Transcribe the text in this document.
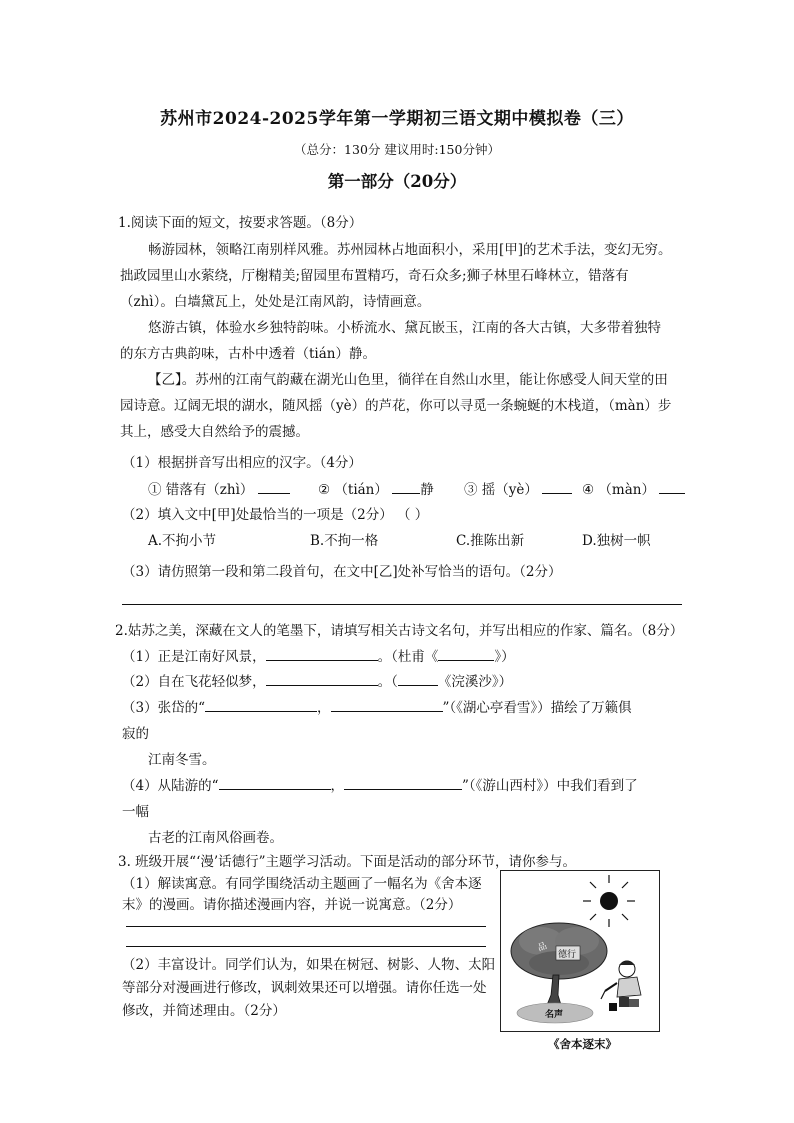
苏州市2024-2025学年第一学期初三语文期中模拟卷（三）
（总分：130分 建议用时:150分钟）
第一部分（20分）
1.阅读下面的短文，按要求答题。（8分）
畅游园林，领略江南别样风雅。苏州园林占地面积小，采用[甲]的艺术手法，变幻无穷。
拙政园里山水萦绕，厅榭精美;留园里布置精巧，奇石众多;狮子林里石峰林立，错落有
（zhì）。白墙黛瓦上，处处是江南风韵，诗情画意。
悠游古镇，体验水乡独特韵味。小桥流水、黛瓦嵌玉，江南的各大古镇，大多带着独特
的东方古典韵味，古朴中透着（tián）静。
【乙】。苏州的江南气韵藏在湖光山色里，徜徉在自然山水里，能让你感受人间天堂的田
园诗意。辽阔无垠的湖水，随风摇（yè）的芦花，你可以寻觅一条蜿蜒的木栈道，（màn）步
其上，感受大自然给予的震撼。
（1）根据拼音写出相应的汉字。（4分）
① 错落有（zhì）	② （tián） 静 ③ 摇（yè）	④ （màn）
（2）填入文中[甲]处最恰当的一项是（2分） （ ）
A.不拘小节	B.不拘一格	C.推陈出新	D.独树一帜
（3）请仿照第一段和第二段首句，在文中[乙]处补写恰当的语句。（2分）
2.姑苏之美，深藏在文人的笔墨下，请填写相关古诗文名句，并写出相应的作家、篇名。（8分）
（1）正是江南好风景，	。（杜甫《	》）
（2）自在飞花轻似梦，	。（	《浣溪沙》）
（3）张岱的“	，	”（《湖心亭看雪》）描绘了万籁俱
寂的
江南冬雪。
（4）从陆游的“	，	”（《游山西村》）中我们看到了
一幅
古老的江南风俗画卷。
3. 班级开展“‘漫’话德行”主题学习活动。下面是活动的部分环节，请你参与。
（1）解读寓意。有同学围绕活动主题画了一幅名为《舍本逐
末》的漫画。请你描述漫画内容，并说一说寓意。（2分）
（2）丰富设计。同学们认为，如果在树冠、树影、人物、太阳
等部分对漫画进行修改，讽刺效果还可以增强。请你任选一处
修改，并简述理由。（2分）
品
德行
名声
《舍本逐末》
